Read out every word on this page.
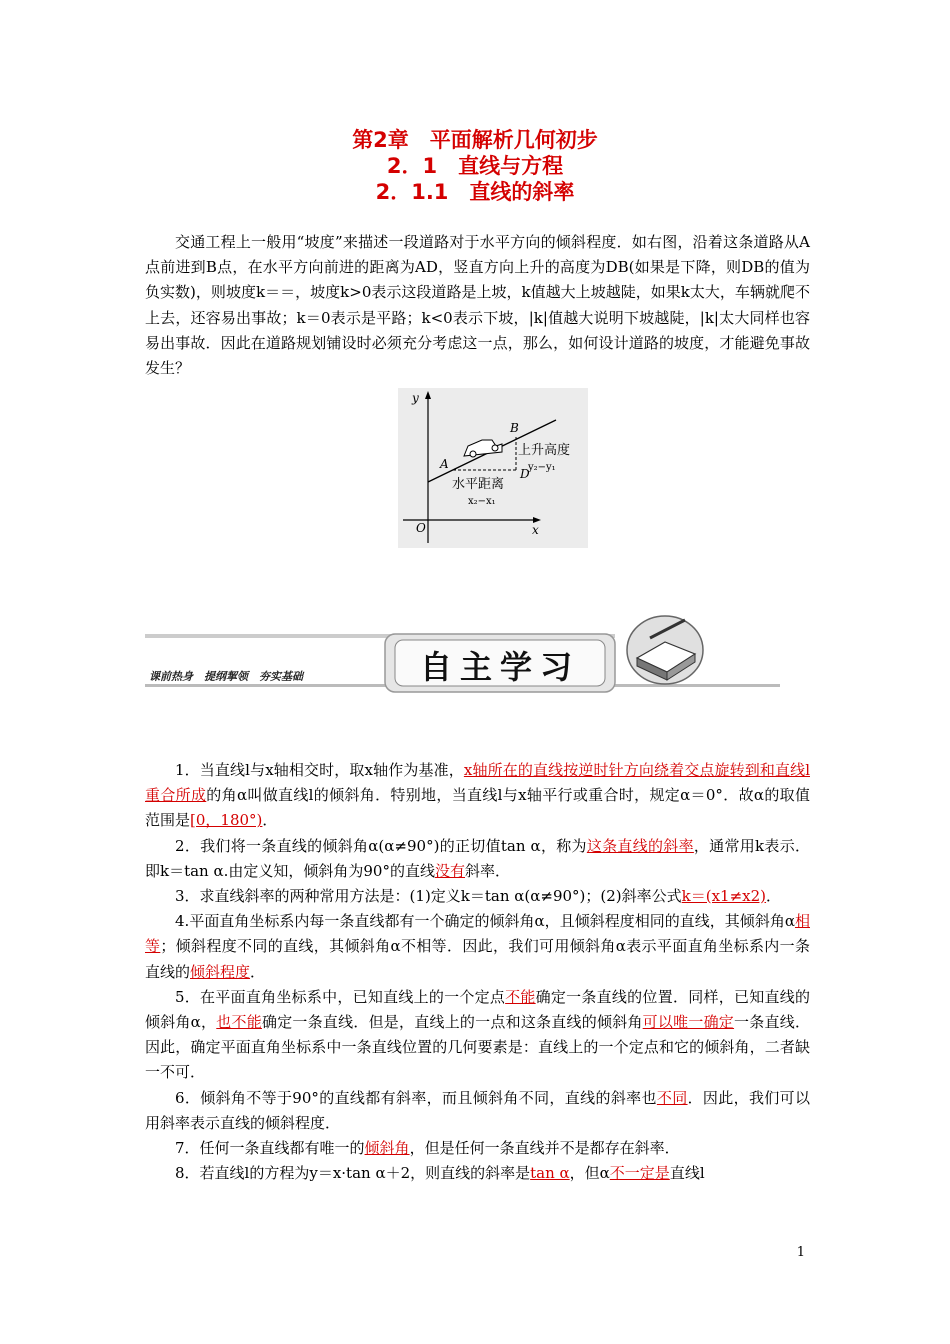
第2章　平面解析几何初步
2．1　直线与方程
2．1.1　直线的斜率

交通工程上一般用“坡度”来描述一段道路对于水平方向的倾斜程度．如右图，沿着这条道路从A点前进到B点，在水平方向前进的距离为AD，竖直方向上升的高度为DB(如果是下降，则DB的值为负实数)，则坡度k＝＝，坡度k>0表示这段道路是上坡，k值越大上坡越陡，如果k太大，车辆就爬不上去，还容易出事故；k＝0表示是平路；k<0表示下坡，|k|值越大说明下坡越陡，|k|太大同样也容易出事故．因此在道路规划铺设时必须充分考虑这一点，那么，如何设计道路的坡度，才能避免事故发生？

y
x
O
A
B
D
上升高度
y₂−y₁
水平距离
x₂−x₁
课前热身　提纲挈领　夯实基础	自主学习

1．当直线l与x轴相交时，取x轴作为基准，x轴所在的直线按逆时针方向绕着交点旋转到和直线l重合所成的角α叫做直线l的倾斜角．特别地，当直线l与x轴平行或重合时，规定α＝0°．故α的取值范围是[0，180°)．

2．我们将一条直线的倾斜角α(α≠90°)的正切值tan α，称为这条直线的斜率，通常用k表示．即k＝tan α.由定义知，倾斜角为90°的直线没有斜率．

3．求直线斜率的两种常用方法是：(1)定义k＝tan α(α≠90°)；(2)斜率公式k＝(x1≠x2)．

4.平面直角坐标系内每一条直线都有一个确定的倾斜角α，且倾斜程度相同的直线，其倾斜角α相等；倾斜程度不同的直线，其倾斜角α不相等．因此，我们可用倾斜角α表示平面直角坐标系内一条直线的倾斜程度．

5．在平面直角坐标系中，已知直线上的一个定点不能确定一条直线的位置．同样，已知直线的倾斜角α，也不能确定一条直线．但是，直线上的一点和这条直线的倾斜角可以唯一确定一条直线．因此，确定平面直角坐标系中一条直线位置的几何要素是：直线上的一个定点和它的倾斜角，二者缺一不可．

6．倾斜角不等于90°的直线都有斜率，而且倾斜角不同，直线的斜率也不同．因此，我们可以用斜率表示直线的倾斜程度．

7．任何一条直线都有唯一的倾斜角，但是任何一条直线并不是都存在斜率．

8．若直线l的方程为y＝x·tan α＋2，则直线的斜率是tan α，但α不一定是直线l

1
